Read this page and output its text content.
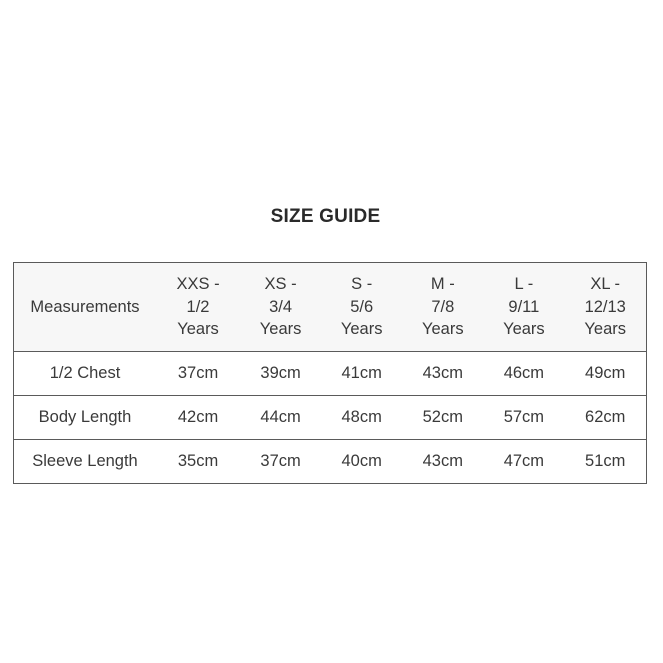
SIZE GUIDE
Measurements	XXS -
1/2
Years	XS -
3/4
Years	S -
5/6
Years	M -
7/8
Years	L -
9/11
Years	XL -
12/13
Years

1/2 Chest	37cm	39cm	41cm	43cm	46cm	49cm
Body Length	42cm	44cm	48cm	52cm	57cm	62cm
Sleeve Length	35cm	37cm	40cm	43cm	47cm	51cm
